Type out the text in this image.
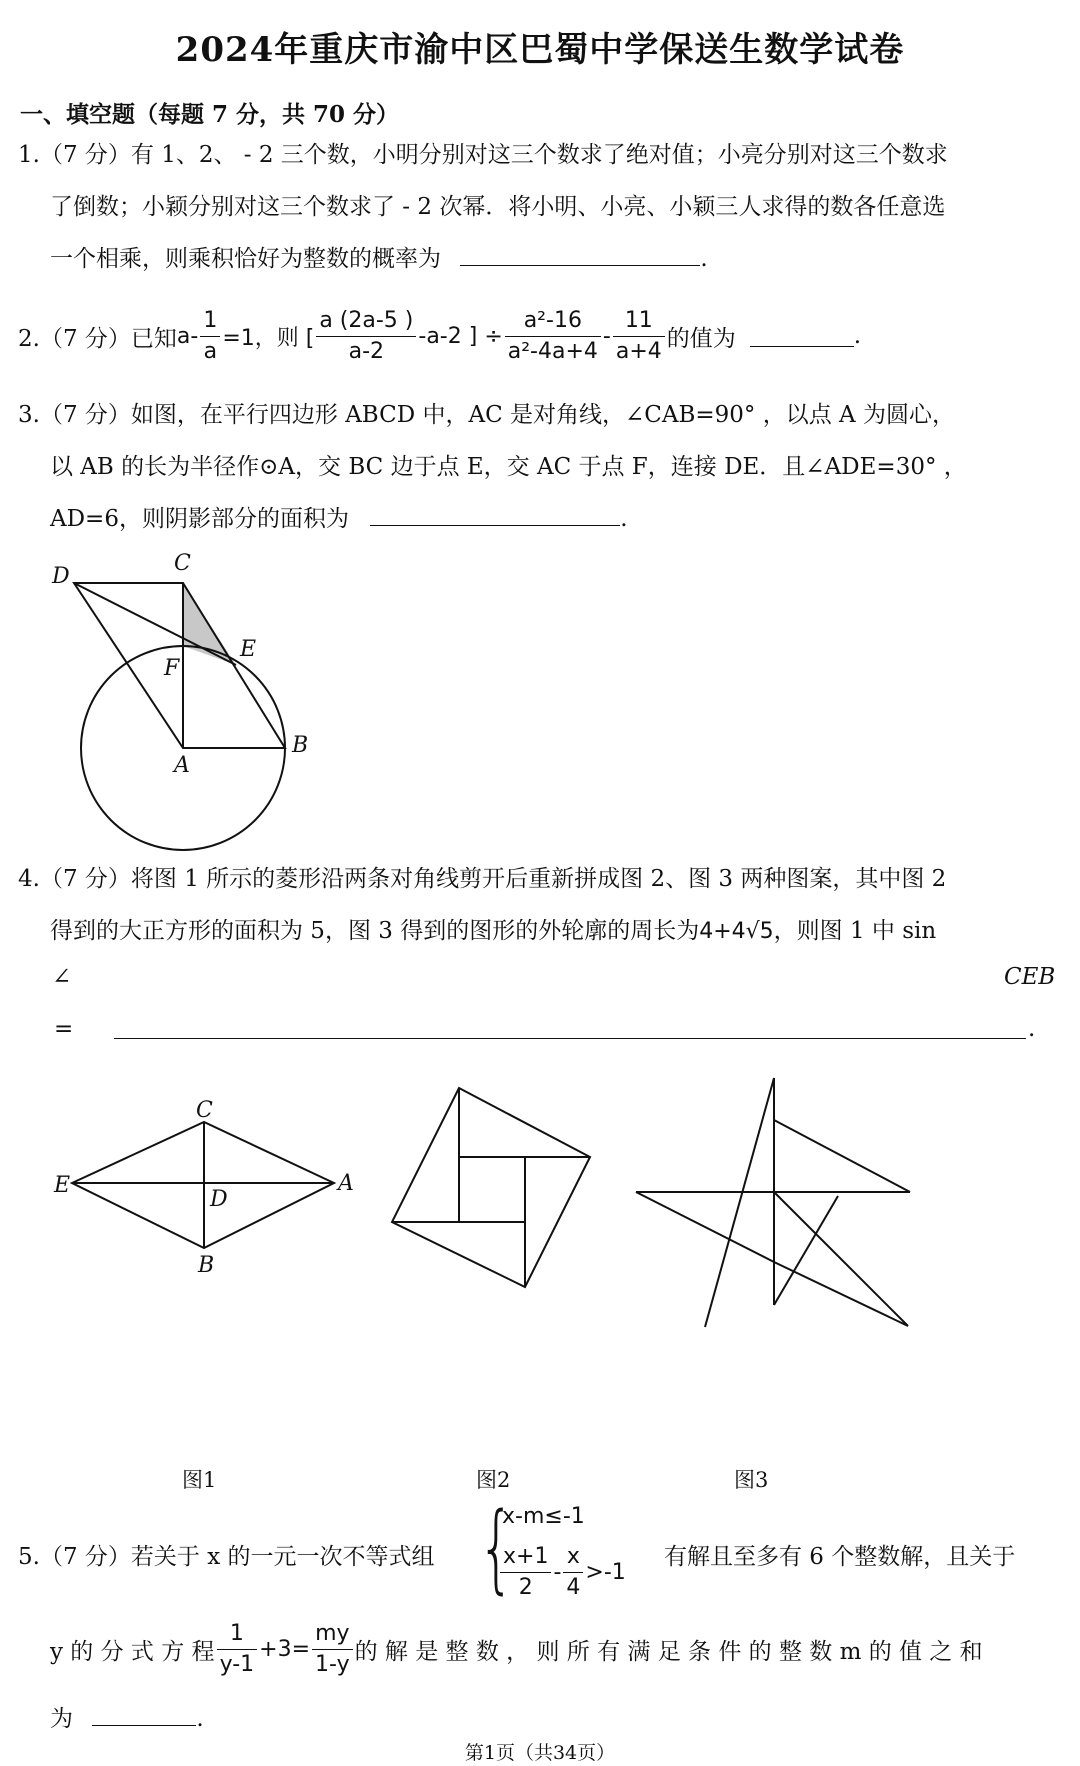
2024年重庆市渝中区巴蜀中学保送生数学试卷
一、填空题（每题 7 分，共 70 分）
1.（7 分）有 1、2、 - 2 三个数，小明分别对这三个数求了绝对值；小亮分别对这三个数求
了倒数；小颖分别对这三个数求了 - 2 次幂．将小明、小亮、小颖三人求得的数各任意选
一个相乘，则乘积恰好为整数的概率为	.
2.（7 分）已知 $a- \frac{1}{a} =1$，则 [ $\frac{a (2a-5 )}{a-2} -a-2$ ] ÷ $\frac{\text{a²-16}}{\text{a²-4a+4}} - \frac{11}{a+4}$ 的值为	.
3.（7 分）如图，在平行四边形 ABCD 中，AC 是对角线，∠CAB=90° ，以点 A 为圆心，
以 AB 的长为半径作⊙A，交 BC 边于点 E，交 AC 于点 F，连接 DE．且∠ADE=30° ，
AD=6，则阴影部分的面积为	.
D
C
E
F
A
B
4.（7 分）将图 1 所示的菱形沿两条对角线剪开后重新拼成图 2、图 3 两种图案，其中图 2
得到的大正方形的面积为 5，图 3 得到的图形的外轮廓的周长为4+4√5，则图 1 中 sin
∠	CEB
=	.
C
E
D
A
B
图1	图2	图3
5.（7 分）若关于 x 的一元一次不等式组 {
x-m≤-1
$\frac{x+1}{2} - \frac{x}{4} >-1$
有解且至多有 6 个整数解，且关于
y 的 分 式 方 程 $\frac{1}{y-1} +3= \frac{my}{1-y}$ 的 解 是 整 数 ， 则 所 有 满 足 条 件 的 整 数 m 的 值 之 和
为	.
第1页（共34页）
